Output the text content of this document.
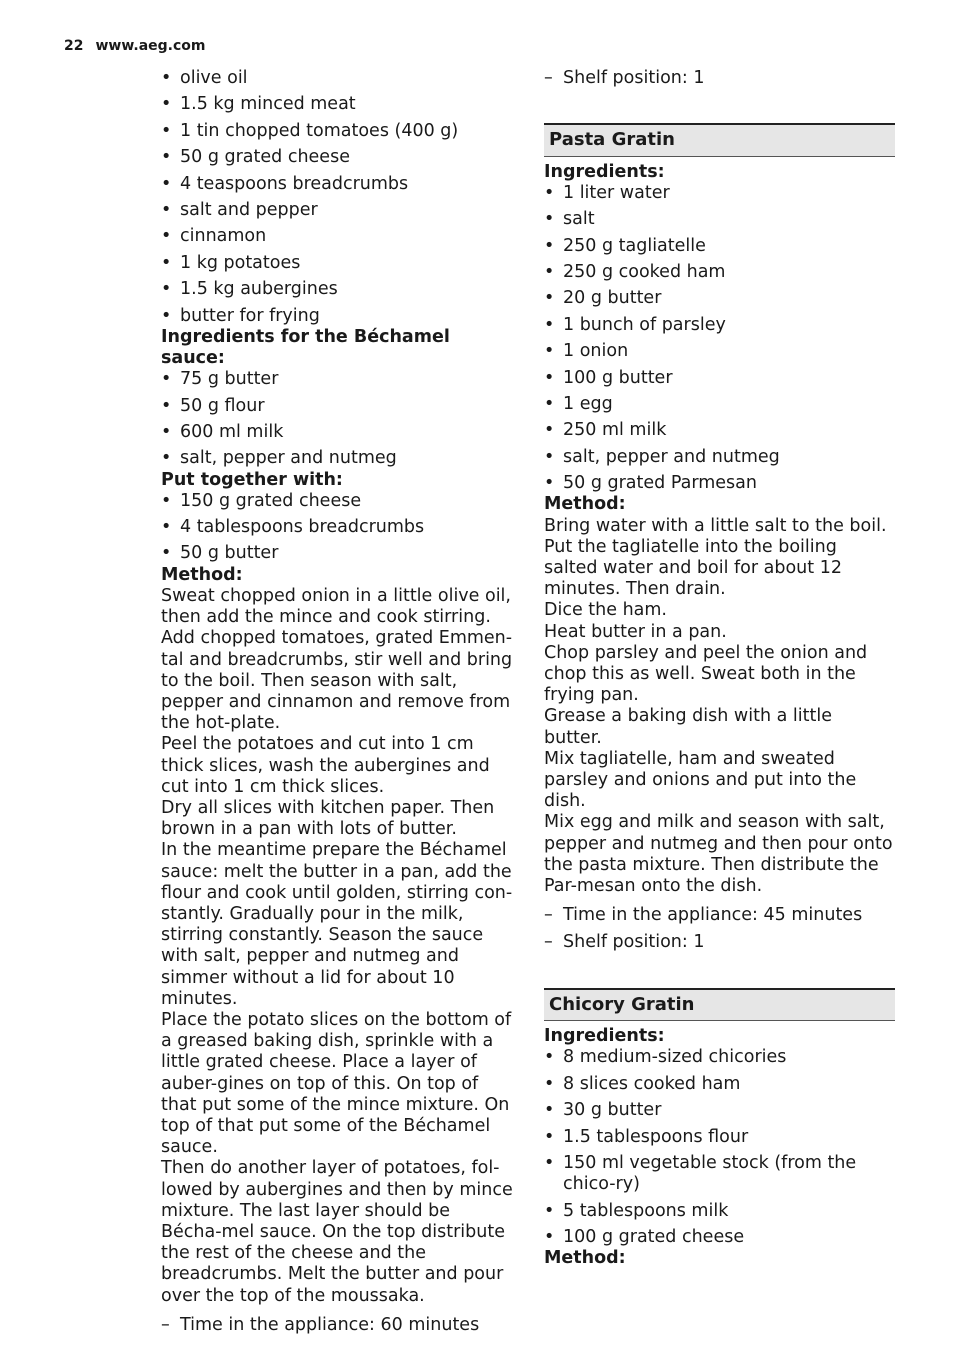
22 www.aeg.com
• olive oil
• 1.5 kg minced meat
• 1 tin chopped tomatoes (400 g)
• 50 g grated cheese
• 4 teaspoons breadcrumbs
• salt and pepper
• cinnamon
• 1 kg potatoes
• 1.5 kg aubergines
• butter for frying

Ingredients for the Béchamel sauce:

• 75 g butter
• 50 g flour
• 600 ml milk
• salt, pepper and nutmeg

Put together with:

• 150 g grated cheese
• 4 tablespoons breadcrumbs
• 50 g butter

Method:

Sweat chopped onion in a little olive oil, then add the mince and cook stirring.

Add chopped tomatoes, grated Emmen-tal and breadcrumbs, stir well and bring to the boil. Then season with salt, pepper and cinnamon and remove from the hot-plate.

Peel the potatoes and cut into 1 cm thick slices, wash the aubergines and cut into 1 cm thick slices.

Dry all slices with kitchen paper. Then brown in a pan with lots of butter.

In the meantime prepare the Béchamel sauce: melt the butter in a pan, add the flour and cook until golden, stirring con-stantly. Gradually pour in the milk, stirring constantly. Season the sauce with salt, pepper and nutmeg and simmer without a lid for about 10 minutes.

Place the potato slices on the bottom of a greased baking dish, sprinkle with a little grated cheese. Place a layer of auber-gines on top of this. On top of that put some of the mince mixture. On top of that put some of the Béchamel sauce.

Then do another layer of potatoes, fol-lowed by aubergines and then by mince mixture. The last layer should be Bécha-mel sauce. On the top distribute the rest of the cheese and the breadcrumbs. Melt the butter and pour over the top of the moussaka.

– Time in the appliance: 60 minutes
– Shelf position: 1
Pasta Gratin

Ingredients:

• 1 liter water
• salt
• 250 g tagliatelle
• 250 g cooked ham
• 20 g butter
• 1 bunch of parsley
• 1 onion
• 100 g butter
• 1 egg
• 250 ml milk
• salt, pepper and nutmeg
• 50 g grated Parmesan

Method:

Bring water with a little salt to the boil.

Put the tagliatelle into the boiling salted water and boil for about 12 minutes. Then drain.

Dice the ham.

Heat butter in a pan.

Chop parsley and peel the onion and chop this as well. Sweat both in the frying pan.

Grease a baking dish with a little butter.

Mix tagliatelle, ham and sweated parsley and onions and put into the dish.

Mix egg and milk and season with salt, pepper and nutmeg and then pour onto the pasta mixture. Then distribute the Par-mesan onto the dish.

– Time in the appliance: 45 minutes
– Shelf position: 1
Chicory Gratin

Ingredients:

• 8 medium-sized chicories
• 8 slices cooked ham
• 30 g butter
• 1.5 tablespoons flour
• 150 ml vegetable stock (from the chico-ry)
• 5 tablespoons milk
• 100 g grated cheese

Method:
